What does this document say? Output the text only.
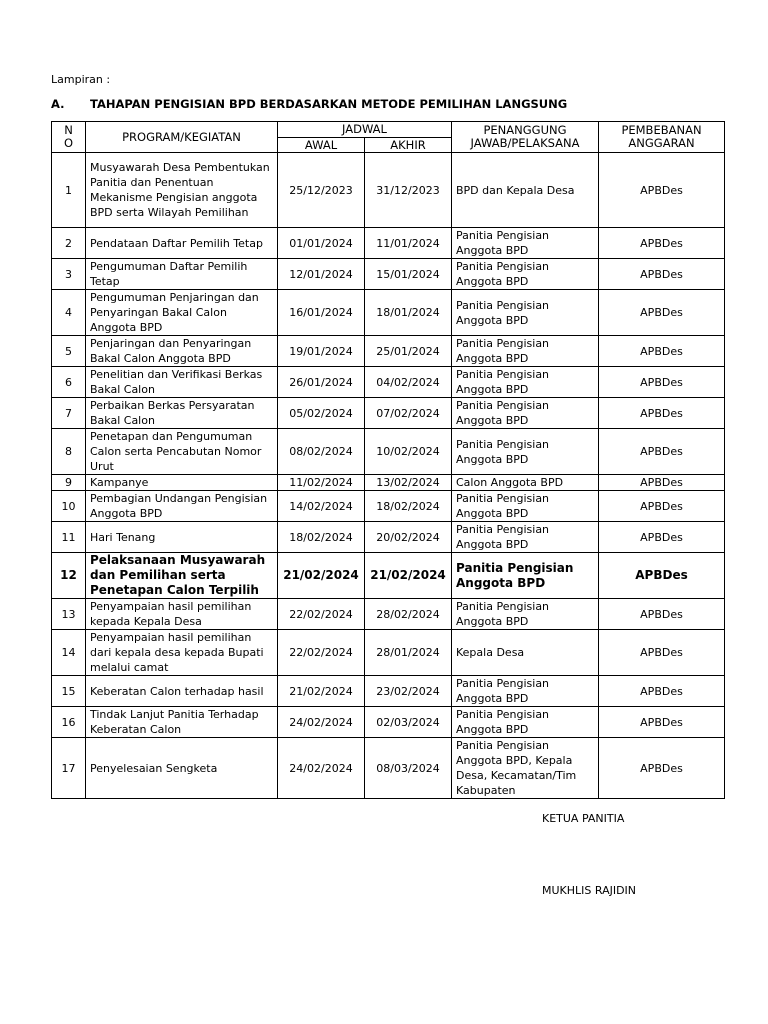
Lampiran :
A. TAHAPAN PENGISIAN BPD BERDASARKAN METODE PEMILIHAN LANGSUNG
N O	PROGRAM/KEGIATAN	JADWAL		PENANGGUNG JAWAB/PELAKSANA	PEMBEBANAN ANGGARAN
		AWAL	AKHIR		
1	Musyawarah Desa Pembentukan Panitia dan Penentuan Mekanisme Pengisian anggota BPD serta Wilayah Pemilihan	25/12/2023	31/12/2023	BPD dan Kepala Desa	APBDes
2	Pendataan Daftar Pemilih Tetap	01/01/2024	11/01/2024	Panitia Pengisian Anggota BPD	APBDes
3	Pengumuman Daftar Pemilih Tetap	12/01/2024	15/01/2024	Panitia Pengisian Anggota BPD	APBDes
4	Pengumuman Penjaringan dan Penyaringan Bakal Calon Anggota BPD	16/01/2024	18/01/2024	Panitia Pengisian Anggota BPD	APBDes
5	Penjaringan dan Penyaringan Bakal Calon Anggota BPD	19/01/2024	25/01/2024	Panitia Pengisian Anggota BPD	APBDes
6	Penelitian dan Verifikasi Berkas Bakal Calon	26/01/2024	04/02/2024	Panitia Pengisian Anggota BPD	APBDes
7	Perbaikan Berkas Persyaratan Bakal Calon	05/02/2024	07/02/2024	Panitia Pengisian Anggota BPD	APBDes
8	Penetapan dan Pengumuman Calon serta Pencabutan Nomor Urut	08/02/2024	10/02/2024	Panitia Pengisian Anggota BPD	APBDes
9	Kampanye	11/02/2024	13/02/2024	Calon Anggota BPD	APBDes
10	Pembagian Undangan Pengisian Anggota BPD	14/02/2024	18/02/2024	Panitia Pengisian Anggota BPD	APBDes
11	Hari Tenang	18/02/2024	20/02/2024	Panitia Pengisian Anggota BPD	APBDes
12	Pelaksanaan Musyawarah dan Pemilihan serta Penetapan Calon Terpilih	21/02/2024	21/02/2024	Panitia Pengisian Anggota BPD	APBDes
13	Penyampaian hasil pemilihan kepada Kepala Desa	22/02/2024	28/02/2024	Panitia Pengisian Anggota BPD	APBDes
14	Penyampaian hasil pemilihan dari kepala desa kepada Bupati melalui camat	22/02/2024	28/01/2024	Kepala Desa	APBDes
15	Keberatan Calon terhadap hasil	21/02/2024	23/02/2024	Panitia Pengisian Anggota BPD	APBDes
16	Tindak Lanjut Panitia Terhadap Keberatan Calon	24/02/2024	02/03/2024	Panitia Pengisian Anggota BPD	APBDes
17	Penyelesaian Sengketa	24/02/2024	08/03/2024	Panitia Pengisian Anggota BPD, Kepala Desa, Kecamatan/Tim Kabupaten	APBDes
KETUA PANITIA
MUKHLIS RAJIDIN
